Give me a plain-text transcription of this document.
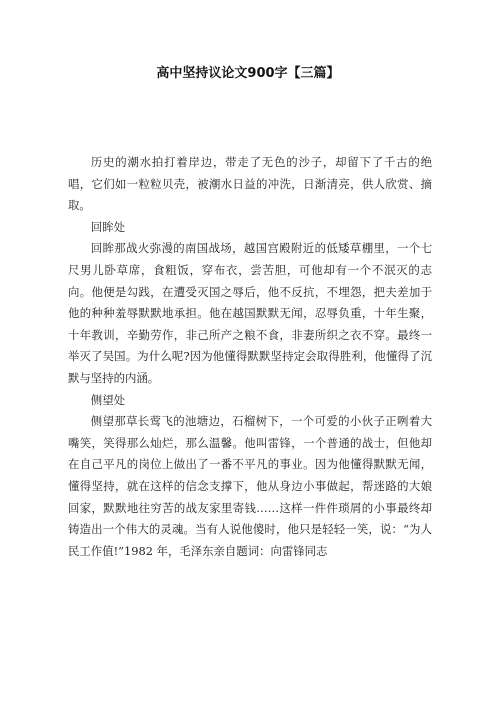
高中坚持议论文900字【三篇】

历史的潮水拍打着岸边，带走了无色的沙子，却留下了千古的绝唱，它们如一粒粒贝壳，被潮水日益的冲洗，日渐清亮，供人欣赏、摘取。

回眸处

回眸那战火弥漫的南国战场，越国宫殿附近的低矮草棚里，一个七尺男儿卧草席，食粗饭，穿布衣，尝苦胆，可他却有一个不泯灭的志向。他便是勾践，在遭受灭国之辱后，他不反抗，不埋怨，把夫差加于他的种种羞辱默默地承担。他在越国默默无闻，忍辱负重，十年生聚，十年教训，辛勤劳作，非己所产之粮不食，非妻所织之衣不穿。最终一举灭了吴国。为什么呢?因为他懂得默默坚持定会取得胜利，他懂得了沉默与坚持的内涵。

侧望处

侧望那草长莺飞的池塘边，石榴树下，一个可爱的小伙子正咧着大嘴笑，笑得那么灿烂，那么温馨。他叫雷锋，一个普通的战士，但他却在自己平凡的岗位上做出了一番不平凡的事业。因为他懂得默默无闻，懂得坚持，就在这样的信念支撑下，他从身边小事做起，帮迷路的大娘回家，默默地往穷苦的战友家里寄钱……这样一件件琐屑的小事最终却铸造出一个伟大的灵魂。当有人说他傻时，他只是轻轻一笑，说：“为人民工作值!”1982 年，毛泽东亲自题词：向雷锋同志
